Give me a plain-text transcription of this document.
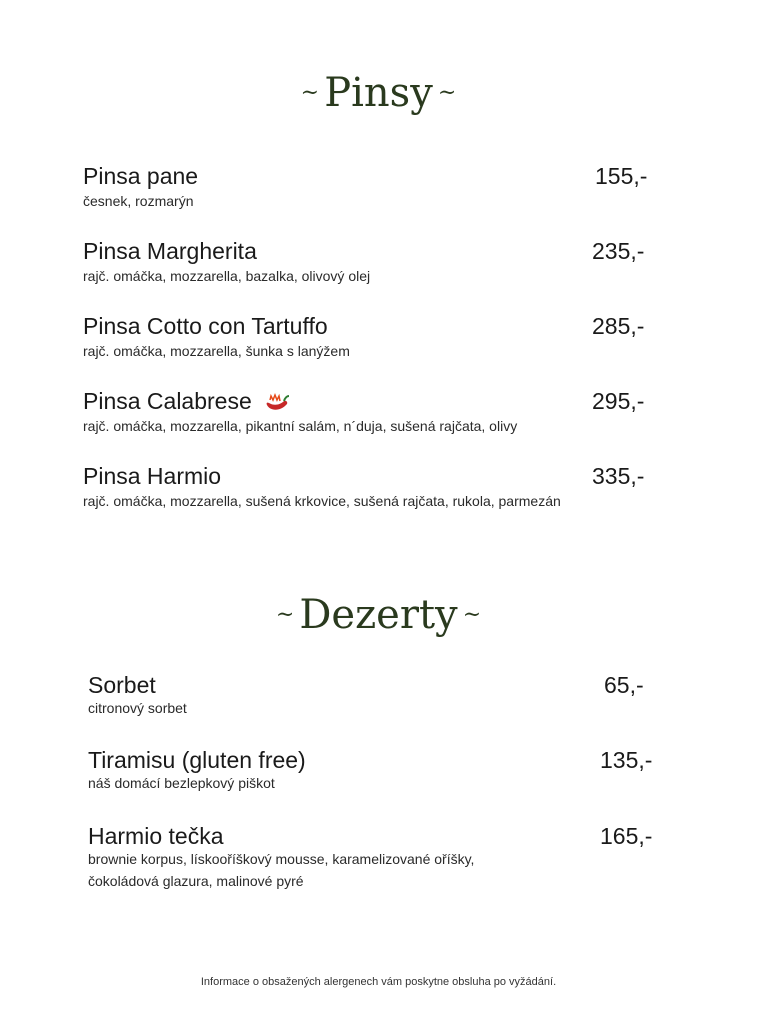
~ Pinsy ~
Pinsa pane
česnek, rozmarýn
155,-
Pinsa Margherita
rajč. omáčka, mozzarella, bazalka, olivový olej
235,-
Pinsa Cotto con Tartuffo
rajč. omáčka, mozzarella, šunka s lanýžem
285,-
Pinsa Calabrese
rajč. omáčka, mozzarella, pikantní salám, n´duja, sušená rajčata, olivy
295,-
Pinsa Harmio
rajč. omáčka, mozzarella, sušená krkovice, sušená rajčata, rukola, parmezán
335,-
~ Dezerty ~
Sorbet
citronový sorbet
65,-
Tiramisu (gluten free)
náš domácí bezlepkový piškot
135,-
Harmio tečka
brownie korpus, lískooříškový mousse, karamelizované oříšky,
čokoládová glazura, malinové pyré
165,-
Informace o obsažených alergenech vám poskytne obsluha po vyžádání.
